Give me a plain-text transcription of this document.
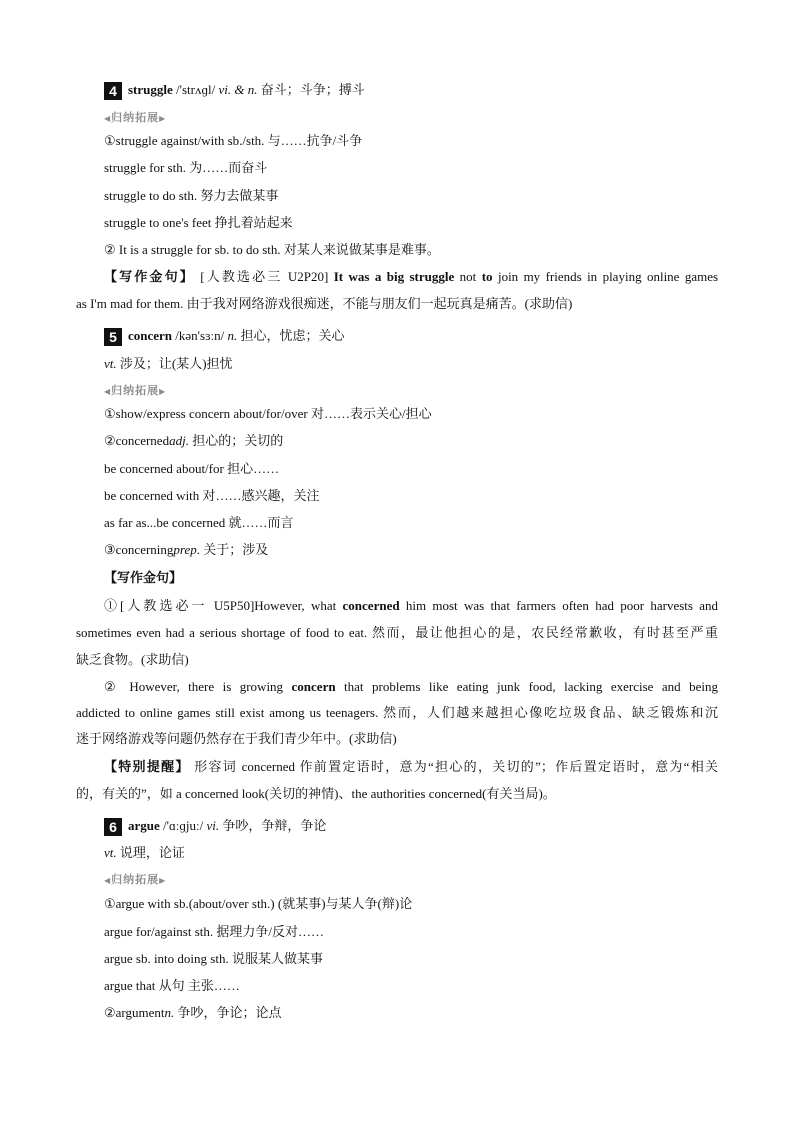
4 struggle /'strʌɡl/ vi. & n. 奋斗；斗争；搏斗
◀归纳拓展▶
①struggle against/with sb./sth. 与……抗争/斗争
struggle for sth. 为……而奋斗
struggle to do sth. 努力去做某事
struggle to one's feet 挣扎着站起来
② It is a struggle for sb. to do sth. 对某人来说做某事是难事。
【写作金句】 [人教选必三 U2P20] It was a big struggle not to join my friends in playing online games
as I'm mad for them. 由于我对网络游戏很痴迷，不能与朋友们一起玩真是痛苦。(求助信)
5 concern /kən'sɜːn/ n. 担心，忧虑；关心
vt. 涉及；让(某人)担忧
◀归纳拓展▶
①show/express concern about/for/over 对……表示关心/担心
②concernedadj. 担心的；关切的
be concerned about/for 担心……
be concerned with 对……感兴趣，关注
as far as...be concerned 就……而言
③concerningprep. 关于；涉及
【写作金句】
①[人教选必一 U5P50]However, what concerned him most was that farmers often had poor harvests and
sometimes even had a serious shortage of food to eat. 然而，最让他担心的是，农民经常歉收，有时甚至严重
缺乏食物。(求助信)
② However, there is growing concern that problems like eating junk food, lacking exercise and being
addicted to online games still exist among us teenagers. 然而，人们越来越担心像吃垃圾食品、缺乏锻炼和沉
迷于网络游戏等问题仍然存在于我们青少年中。(求助信)
【特别提醒】 形容词 concerned 作前置定语时，意为“担心的，关切的”；作后置定语时，意为“相关
的，有关的”，如 a concerned look(关切的神情)、the authorities concerned(有关当局)。
6 argue /'ɑːɡjuː/ vi. 争吵，争辩，争论
vt. 说理，论证
◀归纳拓展▶
①argue with sb.(about/over sth.) (就某事)与某人争(辩)论
argue for/against sth. 据理力争/反对……
argue sb. into doing sth. 说服某人做某事
argue that 从句 主张……
②argumentn. 争吵，争论；论点
